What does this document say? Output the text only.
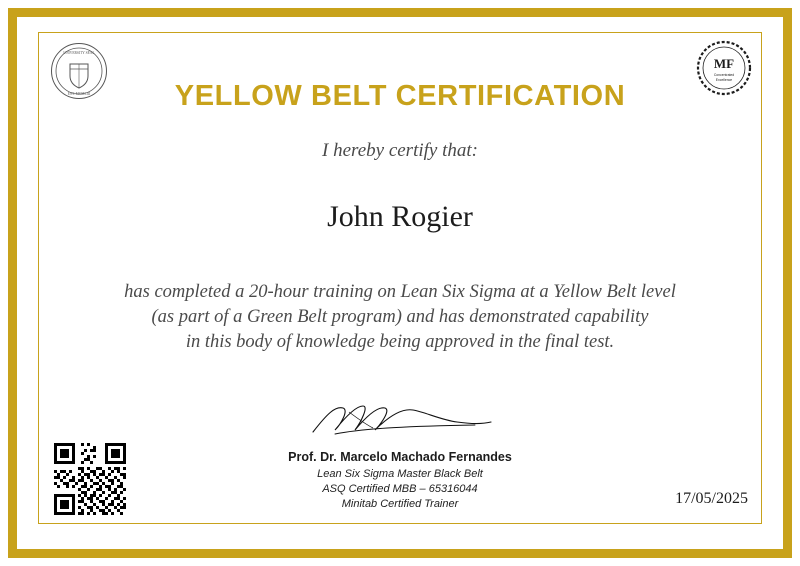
UNIVERSITY SEAL
EST. MCMLIII
MF
Concentrated
Excellence
YELLOW BELT CERTIFICATION
I hereby certify that:
John Rogier
has completed a 20-hour training on Lean Six Sigma at a Yellow Belt level
(as part of a Green Belt program) and has demonstrated capability
in this body of knowledge being approved in the final test.
Prof. Dr. Marcelo Machado Fernandes
Lean Six Sigma Master Black Belt
ASQ Certified MBB – 65316044
Minitab Certified Trainer	17/05/2025
